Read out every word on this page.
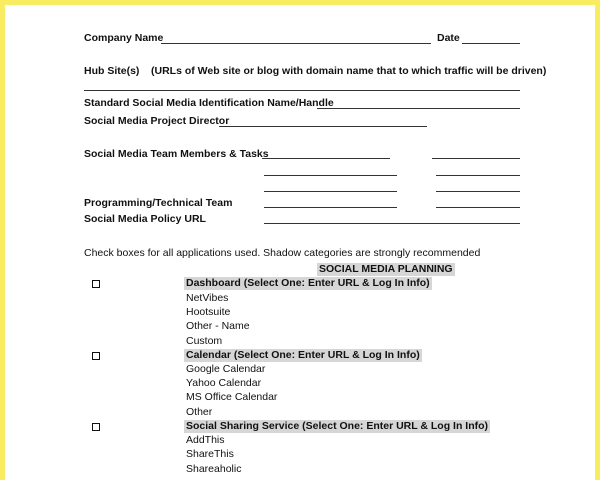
Company Name	Date
Hub Site(s) (URLs of Web site or blog with domain name that to which traffic will be driven)
Standard Social Media Identification Name/Handle
Social Media Project Director
Social Media Team Members & Tasks
Programming/Technical Team
Social Media Policy URL
Check boxes for all applications used. Shadow categories are strongly recommended
SOCIAL MEDIA PLANNING
Dashboard (Select One: Enter URL & Log In Info)
NetVibes
Hootsuite
Other - Name
Custom
Calendar (Select One: Enter URL & Log In Info)
Google Calendar
Yahoo Calendar
MS Office Calendar
Other
Social Sharing Service (Select One: Enter URL & Log In Info)
AddThis
ShareThis
Shareaholic
